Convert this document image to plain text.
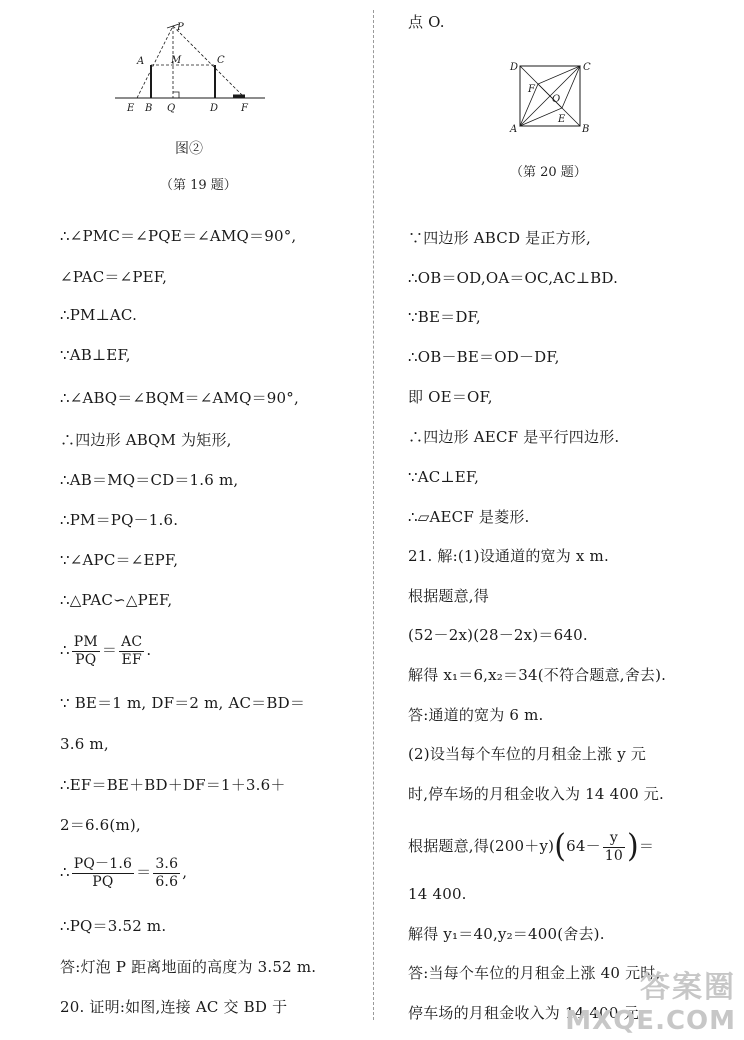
P
A	M	C
E B Q	D F
图②
（第 19 题）
∴∠PMC＝∠PQE＝∠AMQ＝90°,
∠PAC＝∠PEF,
∴PM⊥AC.
∵AB⊥EF,
∴∠ABQ＝∠BQM＝∠AMQ＝90°,
∴四边形 ABQM 为矩形,
∴AB＝MQ＝CD＝1.6 m,
∴PM＝PQ－1.6.
∵∠APC＝∠EPF,
∴△PAC∽△PEF,
∴ $\frac{PM}{PQ} = \frac{AC}{EF}$ .
∵ BE＝1 m, DF＝2 m, AC＝BD＝
3.6 m,
∴EF＝BE＋BD＋DF＝1＋3.6＋
2＝6.6(m),
∴ $\frac{PQ-1.6}{PQ} = \frac{3.6}{6.6}$ ,
∴PQ＝3.52 m.
答:灯泡 P 距离地面的高度为 3.52 m.
20. 证明:如图,连接 AC 交 BD 于
点 O.
D	C
F
O
A
E
B
（第 20 题）
∵四边形 ABCD 是正方形,
∴OB＝OD,OA＝OC,AC⊥BD.
∵BE＝DF,
∴OB－BE＝OD－DF,
即 OE＝OF,
∴四边形 AECF 是平行四边形.
∵AC⊥EF,
∴▱AECF 是菱形.
21. 解:(1)设通道的宽为 x m.
根据题意,得
(52－2x)(28－2x)＝640.
解得 x₁＝6,x₂＝34(不符合题意,舍去).
答:通道的宽为 6 m.
(2)设当每个车位的月租金上涨 y 元
时,停车场的月租金收入为 14 400 元.
根据题意,得$(200+y)(64- \frac{y}{10}$ )＝
14 400.
解得 y₁＝40,y₂＝400(舍去).
答:当每个车位的月租金上涨 40 元时,
停车场的月租金收入为 14 400 元.
答案圈
MXQE.COM
